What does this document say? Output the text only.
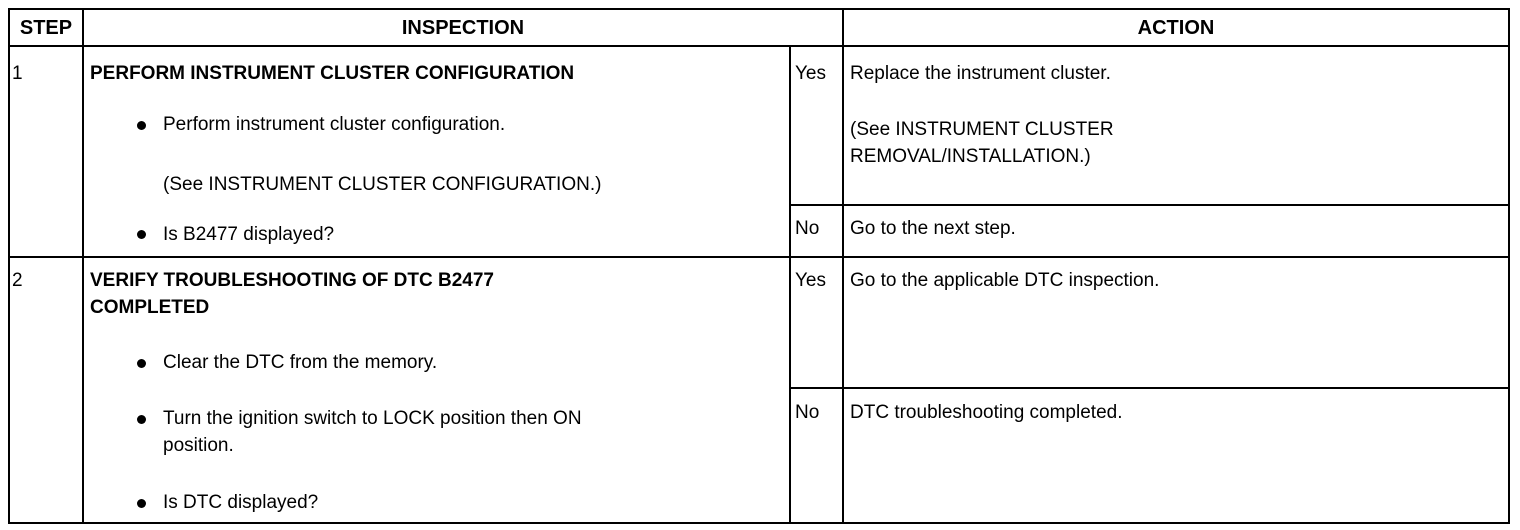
STEP	INSPECTION	ACTION
1	PERFORM INSTRUMENT CLUSTER CONFIGURATION
Perform instrument cluster configuration.
(See INSTRUMENT CLUSTER CONFIGURATION.)
Is B2477 displayed?
Yes Replace the instrument cluster.
(See INSTRUMENT CLUSTER
REMOVAL/INSTALLATION.)
No Go to the next step.
2	VERIFY TROUBLESHOOTING OF DTC B2477
COMPLETED
Clear the DTC from the memory.
Turn the ignition switch to LOCK position then ON
position.
Is DTC displayed?
Yes Go to the applicable DTC inspection.
No DTC troubleshooting completed.
